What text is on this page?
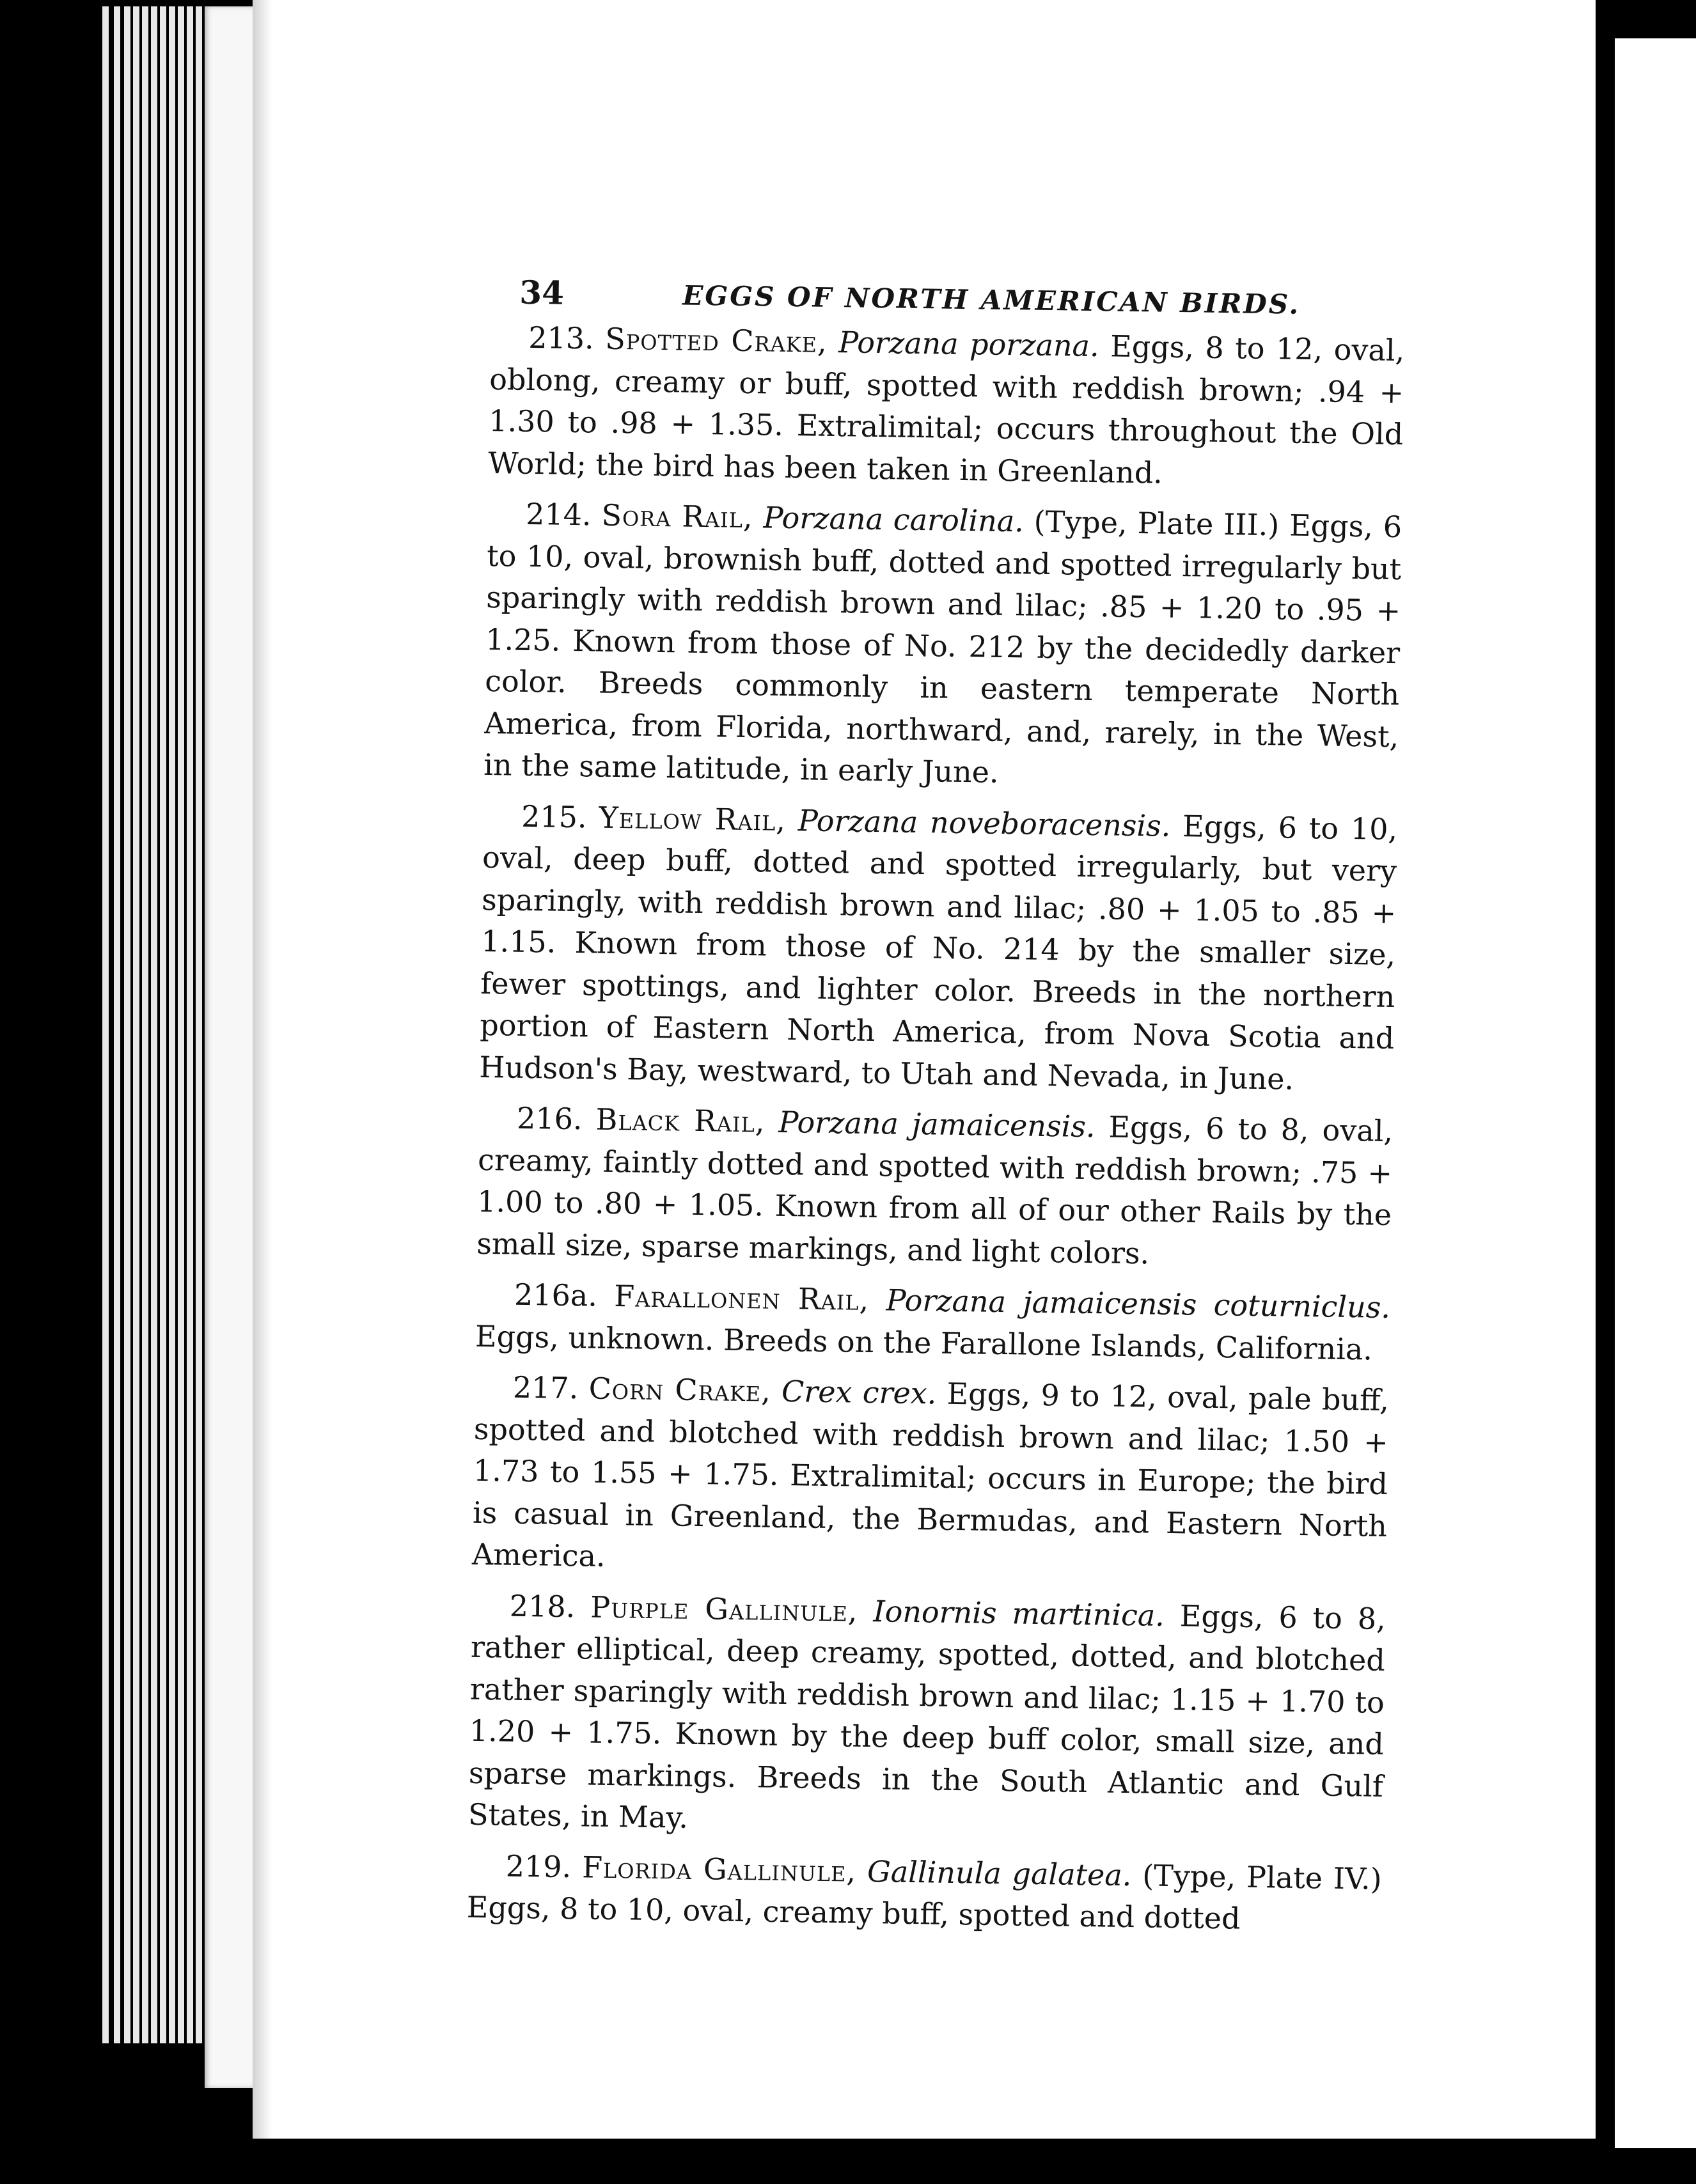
34	EGGS OF NORTH AMERICAN BIRDS.

213. Spotted Crake, Porzana porzana. Eggs, 8 to 12, oval, oblong, creamy or buff, spotted with reddish brown; .94 + 1.30 to .98 + 1.35. Extralimital; occurs throughout the Old World; the bird has been taken in Greenland.

214. Sora Rail, Porzana carolina. (Type, Plate III.) Eggs, 6 to 10, oval, brownish buff, dotted and spotted irregularly but sparingly with reddish brown and lilac; .85 + 1.20 to .95 + 1.25. Known from those of No. 212 by the decidedly darker color. Breeds commonly in eastern temperate North America, from Florida, northward, and, rarely, in the West, in the same latitude, in early June.

215. Yellow Rail, Porzana noveboracensis. Eggs, 6 to 10, oval, deep buff, dotted and spotted irregularly, but very sparingly, with reddish brown and lilac; .80 + 1.05 to .85 + 1.15. Known from those of No. 214 by the smaller size, fewer spottings, and lighter color. Breeds in the northern portion of Eastern North America, from Nova Scotia and Hudson's Bay, westward, to Utah and Nevada, in June.

216. Black Rail, Porzana jamaicensis. Eggs, 6 to 8, oval, creamy, faintly dotted and spotted with reddish brown; .75 + 1.00 to .80 + 1.05. Known from all of our other Rails by the small size, sparse markings, and light colors.

216a. Farallonen Rail, Porzana jamaicensis coturniclus. Eggs, unknown. Breeds on the Farallone Islands, California.

217. Corn Crake, Crex crex. Eggs, 9 to 12, oval, pale buff, spotted and blotched with reddish brown and lilac; 1.50 + 1.73 to 1.55 + 1.75. Extralimital; occurs in Europe; the bird is casual in Greenland, the Bermudas, and Eastern North America.

218. Purple Gallinule, Ionornis martinica. Eggs, 6 to 8, rather elliptical, deep creamy, spotted, dotted, and blotched rather sparingly with reddish brown and lilac; 1.15 + 1.70 to 1.20 + 1.75. Known by the deep buff color, small size, and sparse markings. Breeds in the South Atlantic and Gulf States, in May.

219. Florida Gallinule, Gallinula galatea. (Type, Plate IV.) Eggs, 8 to 10, oval, creamy buff, spotted and dotted
